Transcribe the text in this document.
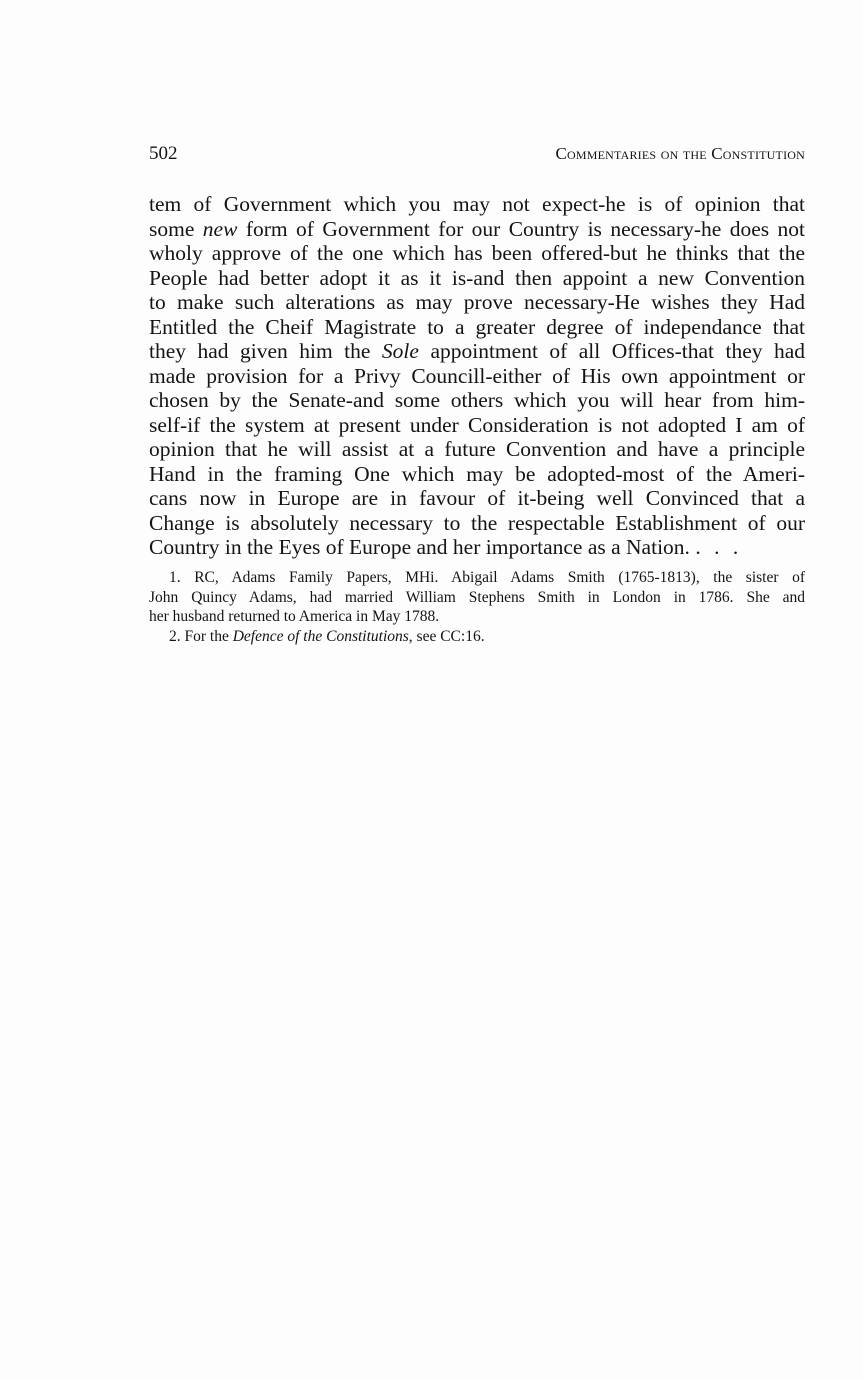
502	Commentaries on the Constitution
tem of Government which you may not expect-he is of opinion that
some new form of Government for our Country is necessary-he does not
wholy approve of the one which has been offered-but he thinks that the
People had better adopt it as it is-and then appoint a new Convention
to make such alterations as may prove necessary-He wishes they Had
Entitled the Cheif Magistrate to a greater degree of independance that
they had given him the Sole appointment of all Offices-that they had
made provision for a Privy Councill-either of His own appointment or
chosen by the Senate-and some others which you will hear from him-
self-if the system at present under Consideration is not adopted I am of
opinion that he will assist at a future Convention and have a principle
Hand in the framing One which may be adopted-most of the Ameri-
cans now in Europe are in favour of it-being well Convinced that a
Change is absolutely necessary to the respectable Establishment of our
Country in the Eyes of Europe and her importance as a Nation. . . .
1. RC, Adams Family Papers, MHi. Abigail Adams Smith (1765-1813), the sister of
John Quincy Adams, had married William Stephens Smith in London in 1786. She and
her husband returned to America in May 1788.
2. For the Defence of the Constitutions, see CC:16.
